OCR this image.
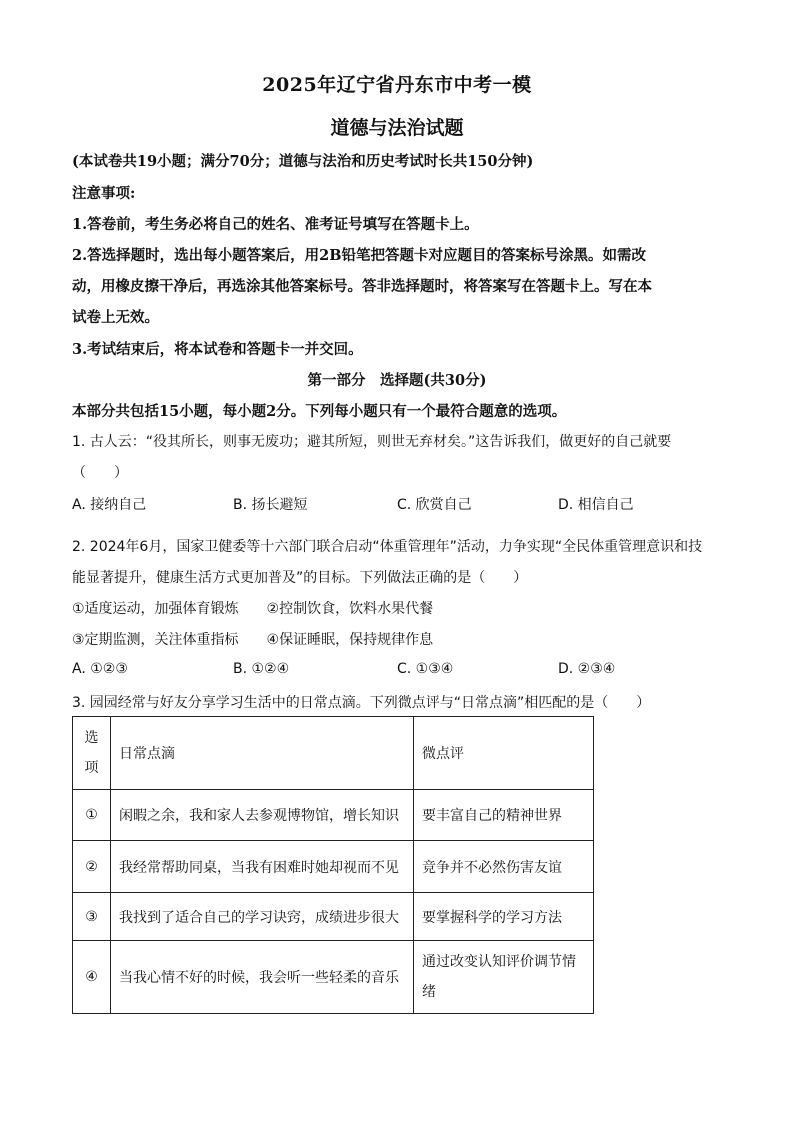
2025年辽宁省丹东市中考一模
道德与法治试题
(本试卷共19小题；满分70分；道德与法治和历史考试时长共150分钟)
注意事项:
1.答卷前，考生务必将自己的姓名、准考证号填写在答题卡上。
2.答选择题时，选出每小题答案后，用2B铅笔把答题卡对应题目的答案标号涂黑。如需改
动，用橡皮擦干净后，再选涂其他答案标号。答非选择题时，将答案写在答题卡上。写在本
试卷上无效。
3.考试结束后，将本试卷和答题卡一并交回。
第一部分　选择题(共30分)
本部分共包括15小题，每小题2分。下列每小题只有一个最符合题意的选项。
1. 古人云：“役其所长，则事无废功；避其所短，则世无弃材矣。”这告诉我们，做更好的自己就要
（　　）
A. 接纳自己	B. 扬长避短	C. 欣赏自己	D. 相信自己
2. 2024年6月，国家卫健委等十六部门联合启动“体重管理年”活动，力争实现“全民体重管理意识和技
能显著提升，健康生活方式更加普及”的目标。下列做法正确的是（　　）
①适度运动，加强体育锻炼　　②控制饮食，饮料水果代餐
③定期监测，关注体重指标　　④保证睡眠，保持规律作息
A. ①②③	B. ①②④	C. ①③④	D. ②③④
3. 园园经常与好友分享学习生活中的日常点滴。下列微点评与“日常点滴”相匹配的是（　　）
选
项	日常点滴	微点评
①	闲暇之余，我和家人去参观博物馆，增长知识	要丰富自己的精神世界
②	我经常帮助同桌，当我有困难时她却视而不见	竞争并不必然伤害友谊
③	我找到了适合自己的学习诀窍，成绩进步很大	要掌握科学的学习方法
④	当我心情不好的时候，我会听一些轻柔的音乐	通过改变认知评价调节情
绪
